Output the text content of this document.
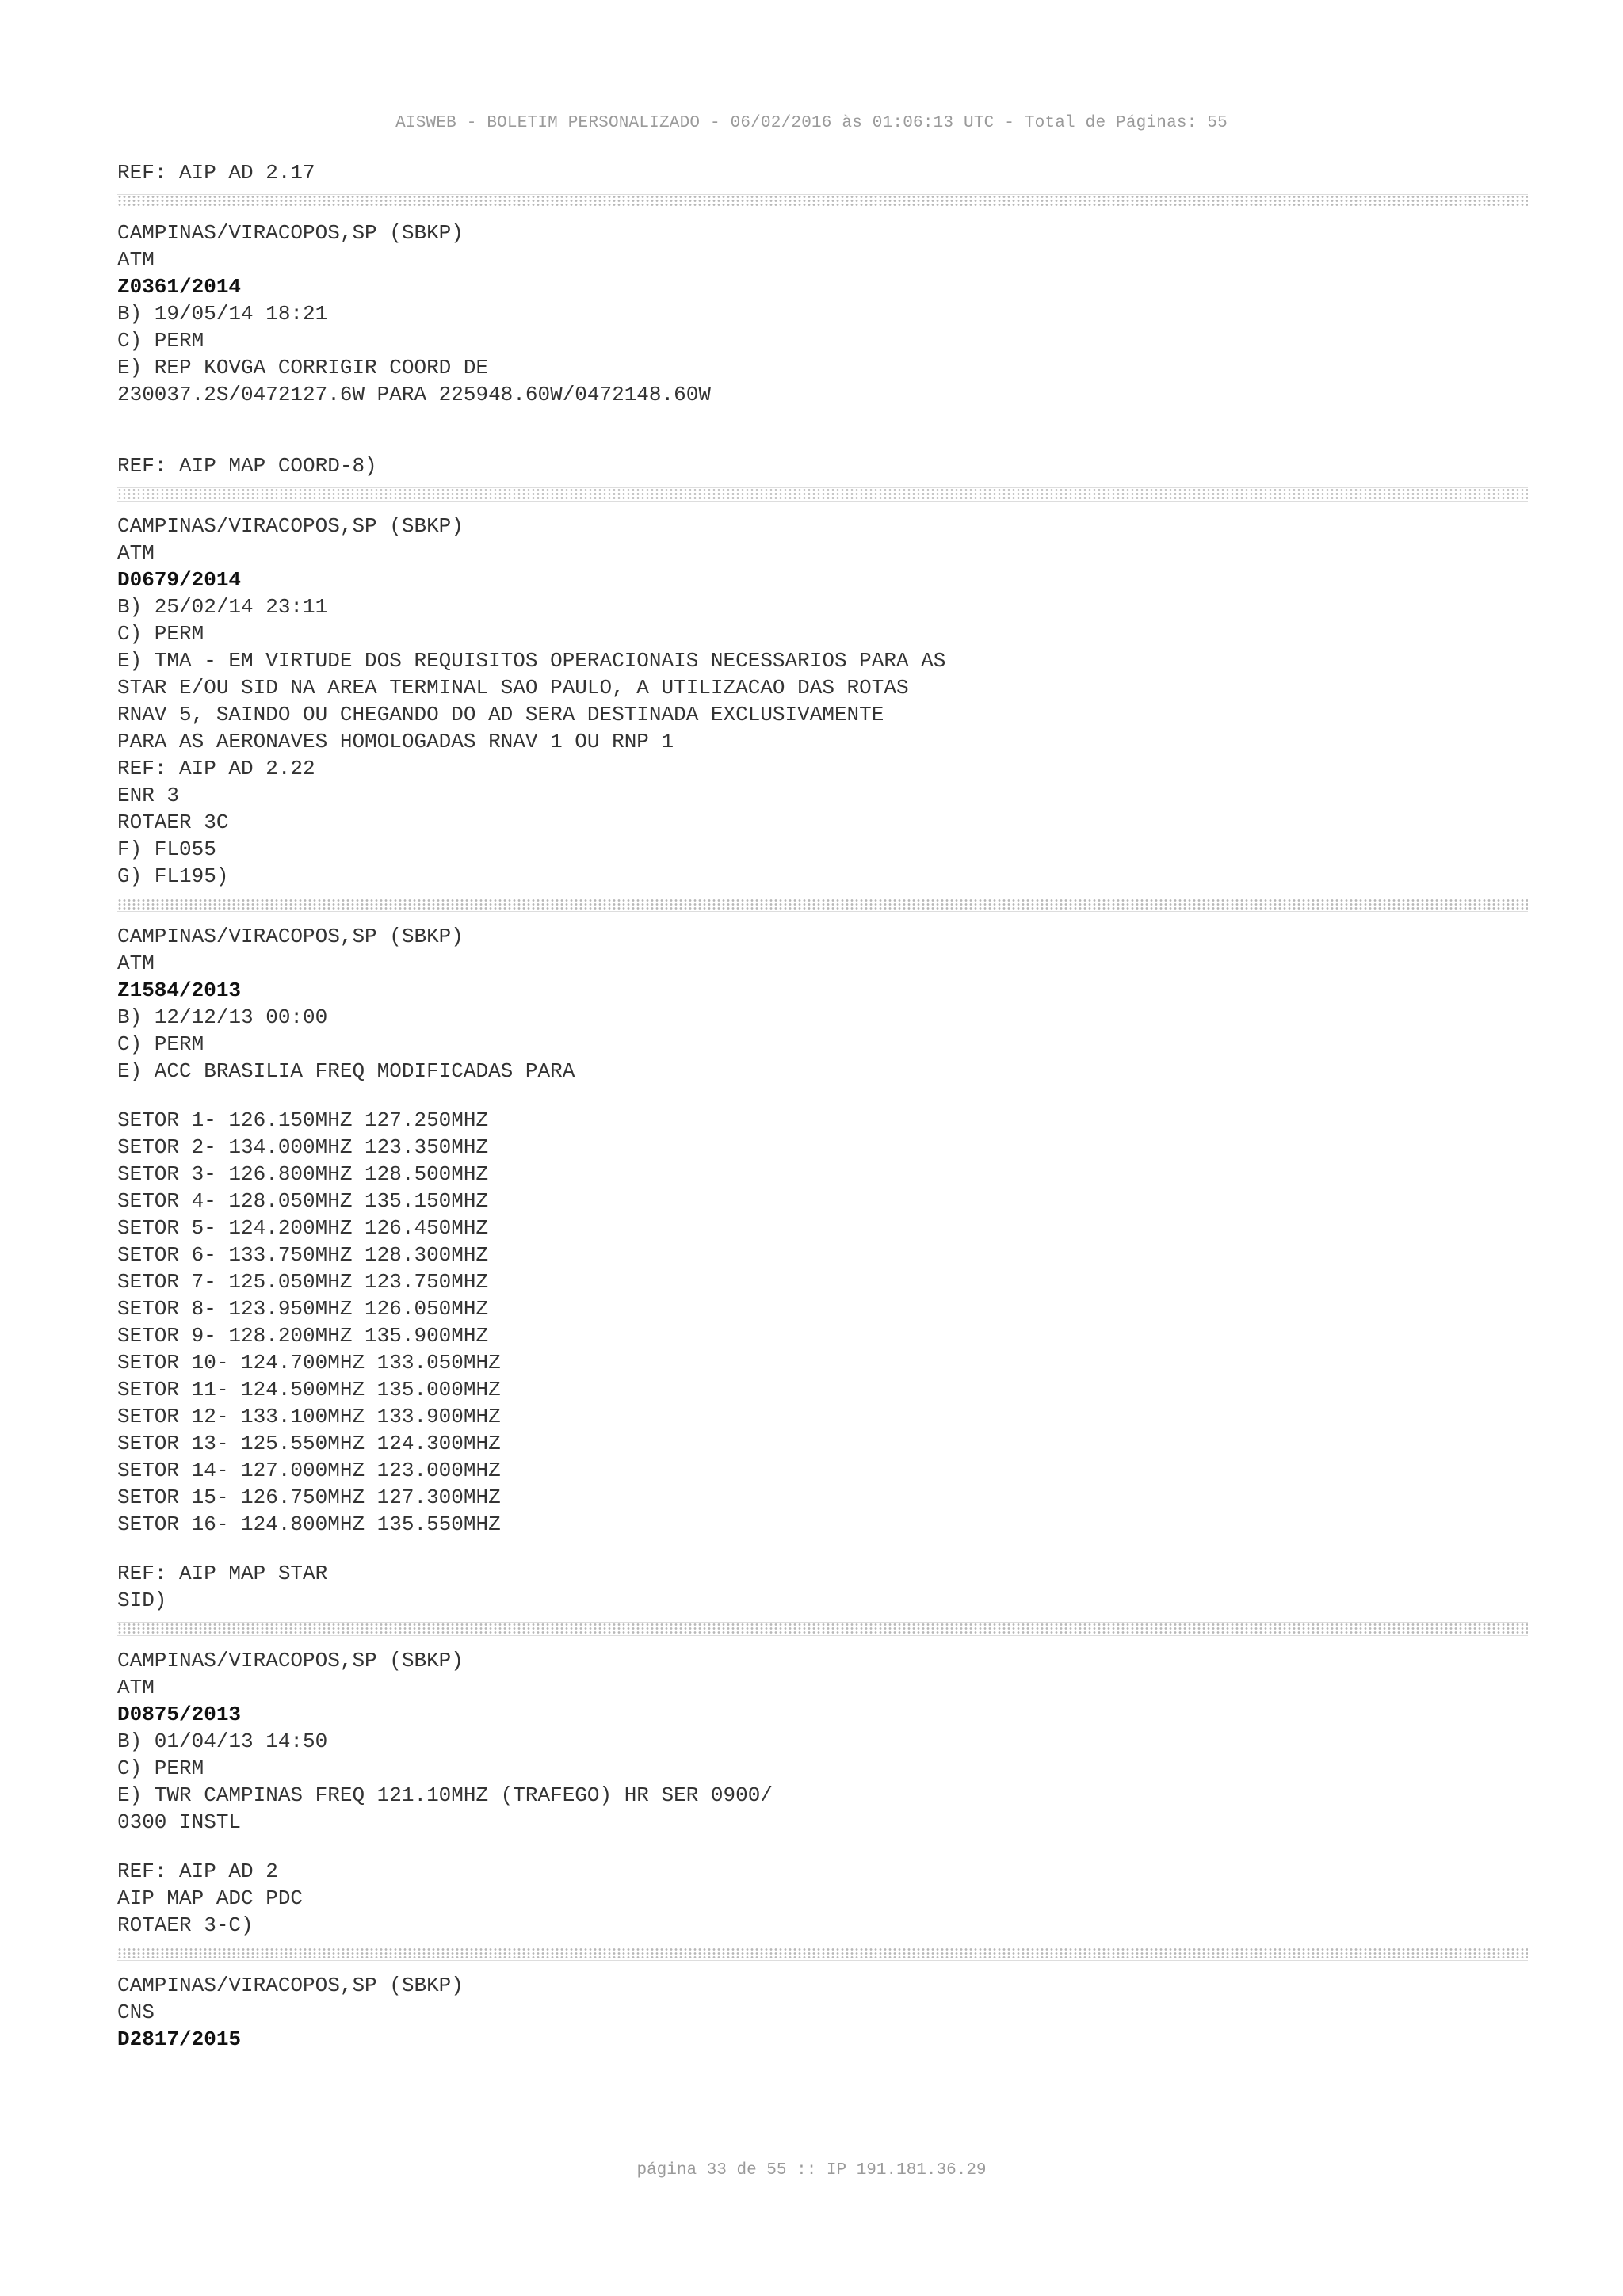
AISWEB - BOLETIM PERSONALIZADO - 06/02/2016 às 01:06:13 UTC - Total de Páginas: 55
REF: AIP AD 2.17
CAMPINAS/VIRACOPOS,SP (SBKP)
ATM
Z0361/2014
B) 19/05/14 18:21
C) PERM
E) REP KOVGA CORRIGIR COORD DE
230037.2S/0472127.6W PARA 225948.60W/0472148.60W
REF: AIP MAP COORD-8)
CAMPINAS/VIRACOPOS,SP (SBKP)
ATM
D0679/2014
B) 25/02/14 23:11
C) PERM
E) TMA - EM VIRTUDE DOS REQUISITOS OPERACIONAIS NECESSARIOS PARA AS
STAR E/OU SID NA AREA TERMINAL SAO PAULO, A UTILIZACAO DAS ROTAS
RNAV 5, SAINDO OU CHEGANDO DO AD SERA DESTINADA EXCLUSIVAMENTE
PARA AS AERONAVES HOMOLOGADAS RNAV 1 OU RNP 1
REF: AIP AD 2.22
ENR 3
ROTAER 3C
F) FL055
G) FL195)
CAMPINAS/VIRACOPOS,SP (SBKP)
ATM
Z1584/2013
B) 12/12/13 00:00
C) PERM
E) ACC BRASILIA FREQ MODIFICADAS PARA
SETOR 1- 126.150MHZ 127.250MHZ
SETOR 2- 134.000MHZ 123.350MHZ
SETOR 3- 126.800MHZ 128.500MHZ
SETOR 4- 128.050MHZ 135.150MHZ
SETOR 5- 124.200MHZ 126.450MHZ
SETOR 6- 133.750MHZ 128.300MHZ
SETOR 7- 125.050MHZ 123.750MHZ
SETOR 8- 123.950MHZ 126.050MHZ
SETOR 9- 128.200MHZ 135.900MHZ
SETOR 10- 124.700MHZ 133.050MHZ
SETOR 11- 124.500MHZ 135.000MHZ
SETOR 12- 133.100MHZ 133.900MHZ
SETOR 13- 125.550MHZ 124.300MHZ
SETOR 14- 127.000MHZ 123.000MHZ
SETOR 15- 126.750MHZ 127.300MHZ
SETOR 16- 124.800MHZ 135.550MHZ
REF: AIP MAP STAR
SID)
CAMPINAS/VIRACOPOS,SP (SBKP)
ATM
D0875/2013
B) 01/04/13 14:50
C) PERM
E) TWR CAMPINAS FREQ 121.10MHZ (TRAFEGO) HR SER 0900/
0300 INSTL
REF: AIP AD 2
AIP MAP ADC PDC
ROTAER 3-C)
CAMPINAS/VIRACOPOS,SP (SBKP)
CNS
D2817/2015
página 33 de 55 :: IP 191.181.36.29
